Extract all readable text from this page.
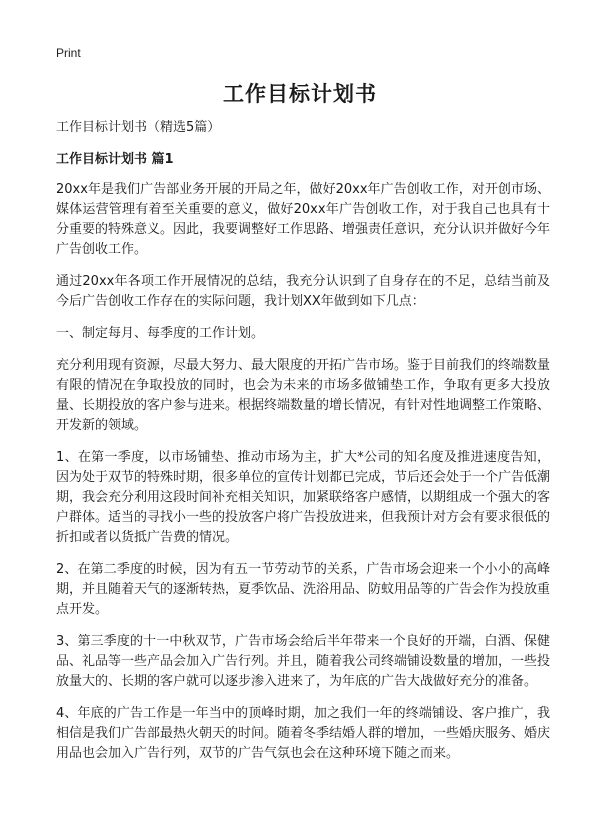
Print
工作目标计划书

工作目标计划书（精选5篇）

工作目标计划书 篇1

20xx年是我们广告部业务开展的开局之年，做好20xx年广告创收工作，对开创市场、媒体运营管理有着至关重要的意义，做好20xx年广告创收工作，对于我自己也具有十分重要的特殊意义。因此，我要调整好工作思路、增强责任意识，充分认识并做好今年广告创收工作。

通过20xx年各项工作开展情况的总结，我充分认识到了自身存在的不足，总结当前及今后广告创收工作存在的实际问题，我计划XX年做到如下几点：

一、制定每月、每季度的工作计划。

充分利用现有资源，尽最大努力、最大限度的开拓广告市场。鉴于目前我们的终端数量有限的情况在争取投放的同时，也会为未来的市场多做铺垫工作，争取有更多大投放量、长期投放的客户参与进来。根据终端数量的增长情况，有针对性地调整工作策略、开发新的领域。

1、在第一季度，以市场铺垫、推动市场为主，扩大*公司的知名度及推进速度告知，因为处于双节的特殊时期，很多单位的宣传计划都已完成，节后还会处于一个广告低潮期，我会充分利用这段时间补充相关知识，加紧联络客户感情，以期组成一个强大的客户群体。适当的寻找小一些的投放客户将广告投放进来，但我预计对方会有要求很低的折扣或者以货抵广告费的情况。

2、在第二季度的时候，因为有五一节劳动节的关系，广告市场会迎来一个小小的高峰期，并且随着天气的逐渐转热，夏季饮品、洗浴用品、防蚊用品等的广告会作为投放重点开发。

3、第三季度的十一中秋双节，广告市场会给后半年带来一个良好的开端，白酒、保健品、礼品等一些产品会加入广告行列。并且，随着我公司终端铺设数量的增加，一些投放量大的、长期的客户就可以逐步渗入进来了，为年底的广告大战做好充分的准备。

4、年底的广告工作是一年当中的顶峰时期，加之我们一年的终端铺设、客户推广，我相信是我们广告部最热火朝天的时间。随着冬季结婚人群的增加，一些婚庆服务、婚庆用品也会加入广告行列，双节的广告气氛也会在这种环境下随之而来。
